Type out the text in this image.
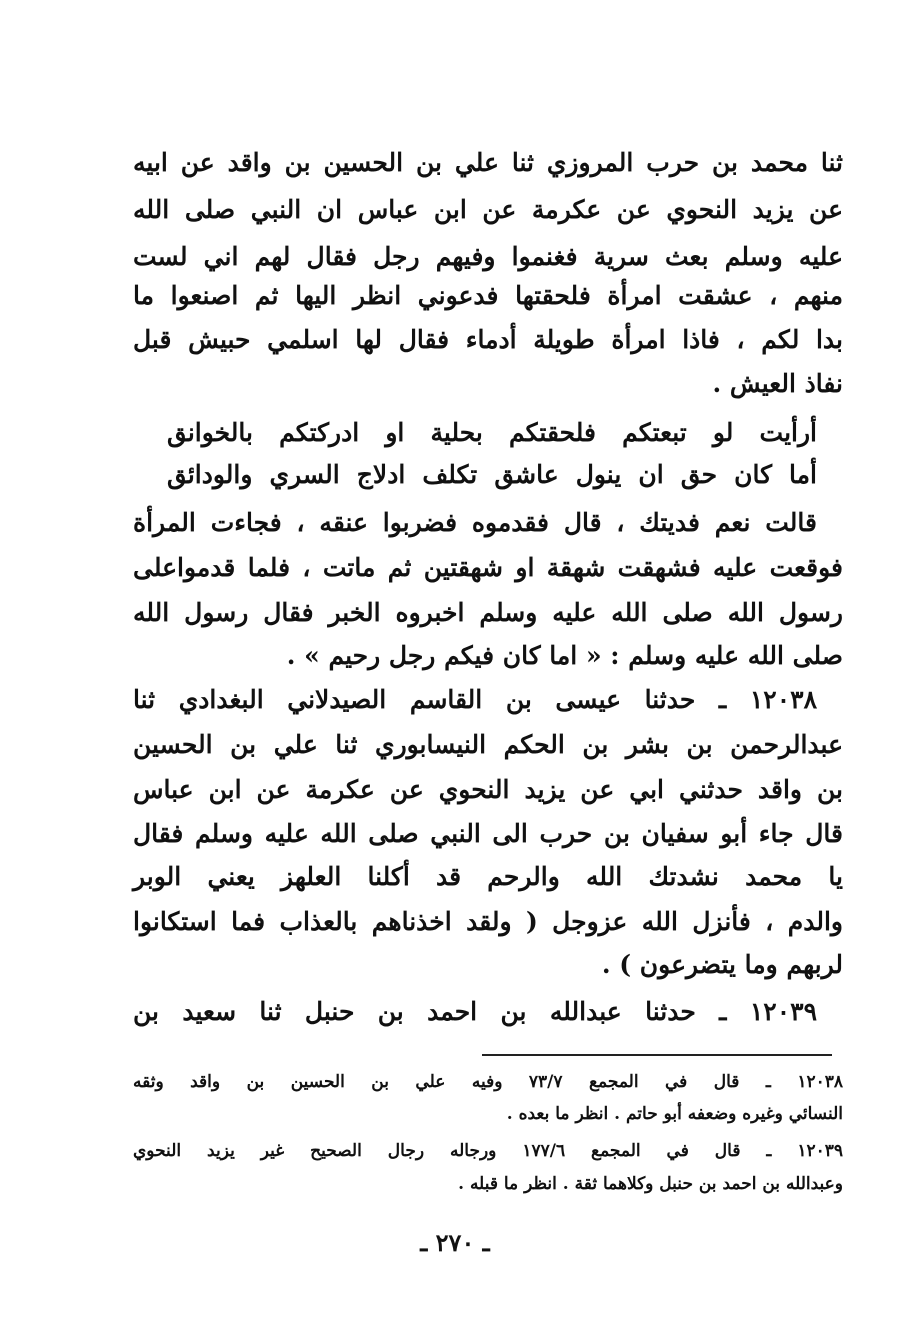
ثنا محمد بن حرب المروزي ثنا علي بن الحسين بن واقد عن ابيه
عن يزيد النحوي عن عكرمة عن ابن عباس ان النبي صلى الله
عليه وسلم بعث سرية فغنموا وفيهم رجل فقال لهم اني لست
منهم ، عشقت امرأة فلحقتها فدعوني انظر اليها ثم اصنعوا ما
بدا لكم ، فاذا امرأة طويلة أدماء فقال لها اسلمي حبيش قبل
نفاذ العيش .
أرأيت لو تبعتكم فلحقتكم بحلية او ادركتكم بالخوانق
أما كان حق ان ينول عاشق تكلف ادلاج السري والودائق
قالت نعم فديتك ، قال فقدموه فضربوا عنقه ، فجاءت المرأة
فوقعت عليه فشهقت شهقة او شهقتين ثم ماتت ، فلما قدمواعلى
رسول الله صلى الله عليه وسلم اخبروه الخبر فقال رسول الله
صلى الله عليه وسلم : « اما كان فيكم رجل رحيم » .
١٢٠٣٨ ـ حدثنا عيسى بن القاسم الصيدلاني البغدادي ثنا
عبدالرحمن بن بشر بن الحكم النيسابوري ثنا علي بن الحسين
بن واقد حدثني ابي عن يزيد النحوي عن عكرمة عن ابن عباس
قال جاء أبو سفيان بن حرب الى النبي صلى الله عليه وسلم فقال
يا محمد نشدتك الله والرحم قد أكلنا العلهز يعني الوبر
والدم ، فأنزل الله عزوجل ( ولقد اخذناهم بالعذاب فما استكانوا
لربهم وما يتضرعون ) .
١٢٠٣٩ ـ حدثنا عبدالله بن احمد بن حنبل ثنا سعيد بن
١٢٠٣٨ ـ قال في المجمع ٧٣/٧ وفيه علي بن الحسين بن واقد وثقه
النسائي وغيره وضعفه أبو حاتم . انظر ما بعده .
١٢٠٣٩ ـ قال في المجمع ١٧٧/٦ ورجاله رجال الصحيح غير يزيد النحوي
وعبدالله بن احمد بن حنبل وكلاهما ثقة . انظر ما قبله .
ـ ٢٧٠ ـ
